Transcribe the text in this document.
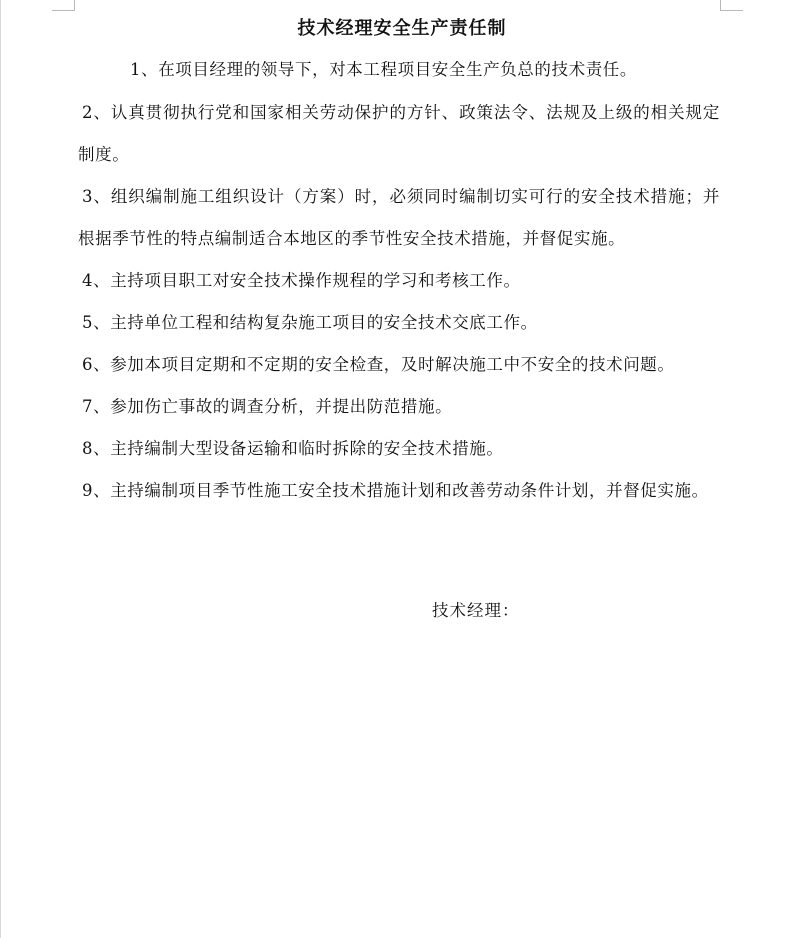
技术经理安全生产责任制

1、在项目经理的领导下，对本工程项目安全生产负总的技术责任。

2、认真贯彻执行党和国家相关劳动保护的方针、政策法令、法规及上级的相关规定制度。

3、组织编制施工组织设计（方案）时，必须同时编制切实可行的安全技术措施；并根据季节性的特点编制适合本地区的季节性安全技术措施，并督促实施。

4、主持项目职工对安全技术操作规程的学习和考核工作。

5、主持单位工程和结构复杂施工项目的安全技术交底工作。

6、参加本项目定期和不定期的安全检查，及时解决施工中不安全的技术问题。

7、参加伤亡事故的调查分析，并提出防范措施。

8、主持编制大型设备运输和临时拆除的安全技术措施。

9、主持编制项目季节性施工安全技术措施计划和改善劳动条件计划，并督促实施。

技术经理：
